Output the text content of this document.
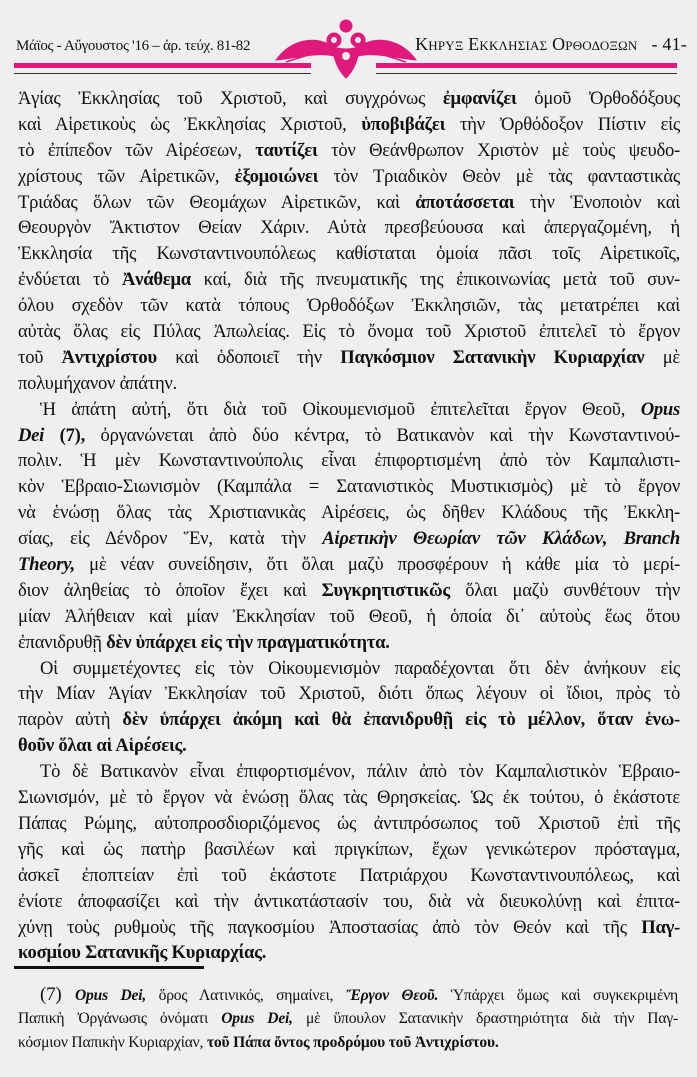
Μάϊος - Αὔγουστος '16 – ἀρ. τεύχ. 81-82	Κηρυξ Εκκλησιας Ορθοδοξων - 41-
Ἁγίας Ἐκκλησίας τοῦ Χριστοῦ, καὶ συγχρόνως ἐμφανίζει ὁμοῦ Ὀρθοδόξους
καὶ Αἱρετικοὺς ὡς Ἐκκλησίας Χριστοῦ, ὑποβιβάζει τὴν Ὀρθόδοξον Πίστιν εἰς
τὸ ἐπίπεδον τῶν Αἱρέσεων, ταυτίζει τὸν Θεάνθρωπον Χριστὸν μὲ τοὺς ψευδο-
χρίστους τῶν Αἱρετικῶν, ἐξομοιώνει τὸν Τριαδικὸν Θεὸν μὲ τὰς φανταστικὰς
Τριάδας ὅλων τῶν Θεομάχων Αἱρετικῶν, καὶ ἀποτάσσεται τὴν Ἑνοποιὸν καὶ
Θεουργὸν Ἄκτιστον Θείαν Χάριν. Αὐτὰ πρεσβεύουσα καὶ ἀπεργαζομένη, ἡ
Ἐκκλησία τῆς Κωνσταντινουπόλεως καθίσταται ὁμοία πᾶσι τοῖς Αἱρετικοῖς,
ἐνδύεται τὸ Ἀνάθεμα καί, διὰ τῆς πνευματικῆς της ἐπικοινωνίας μετὰ τοῦ συν-
όλου σχεδὸν τῶν κατὰ τόπους Ὀρθοδόξων Ἐκκλησιῶν, τὰς μετατρέπει καὶ
αὐτὰς ὅλας εἰς Πύλας Ἀπωλείας. Εἰς τὸ ὄνομα τοῦ Χριστοῦ ἐπιτελεῖ τὸ ἔργον
τοῦ Ἀντιχρίστου καὶ ὁδοποιεῖ τὴν Παγκόσμιον Σατανικὴν Κυριαρχίαν μὲ
πολυμήχανον ἀπάτην.
Ἡ ἀπάτη αὐτή, ὅτι διὰ τοῦ Οἰκουμενισμοῦ ἐπιτελεῖται ἔργον Θεοῦ, Opus
Dei (7), ὀργανώνεται ἀπὸ δύο κέντρα, τὸ Βατικανὸν καὶ τὴν Κωνσταντινού-
πολιν. Ἡ μὲν Κωνσταντινούπολις εἶναι ἐπιφορτισμένη ἀπὸ τὸν Καμπαλιστι-
κὸν Ἑβραιο-Σιωνισμὸν (Καμπάλα = Σατανιστικὸς Μυστικισμὸς) μὲ τὸ ἔργον
νὰ ἑνώσῃ ὅλας τὰς Χριστιανικὰς Αἱρέσεις, ὡς δῆθεν Κλάδους τῆς Ἐκκλη-
σίας, εἰς Δένδρον Ἕν, κατὰ τὴν Αἱρετικὴν Θεωρίαν τῶν Κλάδων, Branch
Theory, μὲ νέαν συνείδησιν, ὅτι ὅλαι μαζὺ προσφέρουν ἡ κάθε μία τὸ μερί-
διον ἀληθείας τὸ ὁποῖον ἔχει καὶ Συγκρητιστικῶς ὅλαι μαζὺ συνθέτουν τὴν
μίαν Ἀλήθειαν καὶ μίαν Ἐκκλησίαν τοῦ Θεοῦ, ἡ ὁποία δι᾽ αὐτοὺς ἕως ὅτου
ἐπανιδρυθῇ δὲν ὑπάρχει εἰς τὴν πραγματικότητα.
Οἱ συμμετέχοντες εἰς τὸν Οἰκουμενισμὸν παραδέχονται ὅτι δὲν ἀνήκουν εἰς
τὴν Μίαν Ἁγίαν Ἐκκλησίαν τοῦ Χριστοῦ, διότι ὅπως λέγουν οἱ ἴδιοι, πρὸς τὸ
παρὸν αὐτὴ δὲν ὑπάρχει ἀκόμη καὶ θὰ ἐπανιδρυθῇ εἰς τὸ μέλλον, ὅταν ἑνω-
θοῦν ὅλαι αἱ Αἱρέσεις.
Τὸ δὲ Βατικανὸν εἶναι ἐπιφορτισμένον, πάλιν ἀπὸ τὸν Καμπαλιστικὸν Ἑβραιο-
Σιωνισμόν, μὲ τὸ ἔργον νὰ ἑνώσῃ ὅλας τὰς Θρησκείας. Ὡς ἐκ τούτου, ὁ ἑκάστοτε
Πάπας Ρώμης, αὐτοπροσδιοριζόμενος ὡς ἀντιπρόσωπος τοῦ Χριστοῦ ἐπὶ τῆς
γῆς καὶ ὡς πατὴρ βασιλέων καὶ πριγκίπων, ἔχων γενικώτερον πρόσταγμα,
ἀσκεῖ ἐποπτείαν ἐπὶ τοῦ ἑκάστοτε Πατριάρχου Κωνσταντινουπόλεως, καὶ
ἐνίοτε ἀποφασίζει καὶ τὴν ἀντικατάστασίν του, διὰ νὰ διευκολύνῃ καὶ ἐπιτα-
χύνῃ τοὺς ρυθμοὺς τῆς παγκοσμίου Ἀποστασίας ἀπὸ τὸν Θεόν καὶ τῆς Παγ-
κοσμίου Σατανικῆς Κυριαρχίας.
(7) Opus Dei, ὅρος Λατινικός, σημαίνει, Ἔργον Θεοῦ. Ὑπάρχει ὅμως καὶ συγκεκριμένη
Παπικὴ Ὀργάνωσις ὀνόματι Opus Dei, μὲ ὕπουλον Σατανικὴν δραστηριότητα διὰ τὴν Παγ-
κόσμιον Παπικὴν Κυριαρχίαν, τοῦ Πάπα ὄντος προδρόμου τοῦ Ἀντιχρίστου.
